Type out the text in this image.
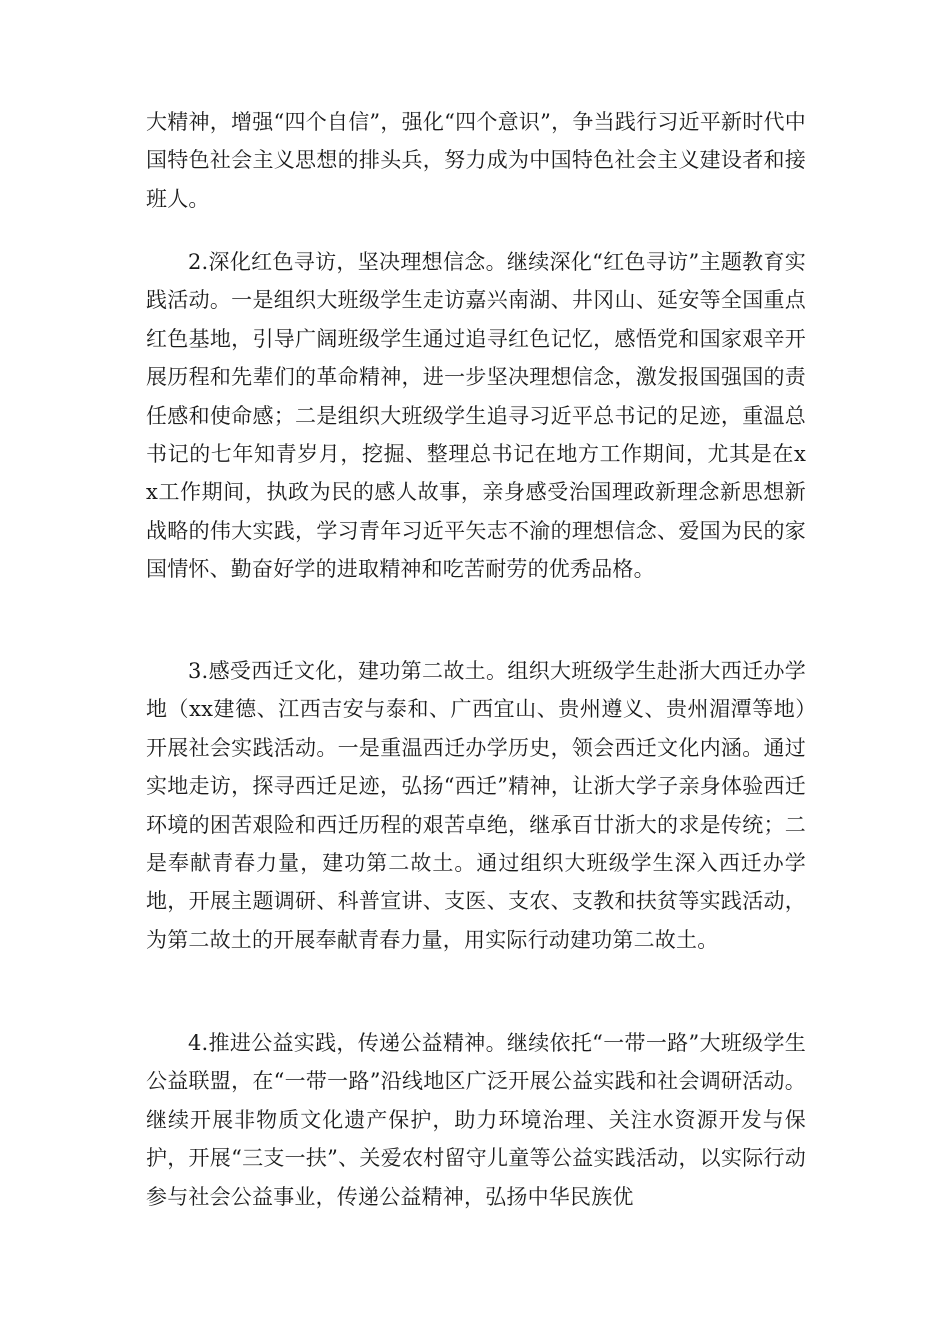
大精神，增强“四个自信”，强化“四个意识”，争当践行习近平新时代中国特色社会主义思想的排头兵，努力成为中国特色社会主义建设者和接班人。

2.深化红色寻访，坚决理想信念。继续深化“红色寻访”主题教育实践活动。一是组织大班级学生走访嘉兴南湖、井冈山、延安等全国重点红色基地，引导广阔班级学生通过追寻红色记忆，感悟党和国家艰辛开展历程和先辈们的革命精神，进一步坚决理想信念，激发报国强国的责任感和使命感；二是组织大班级学生追寻习近平总书记的足迹，重温总书记的七年知青岁月，挖掘、整理总书记在地方工作期间，尤其是在xx工作期间，执政为民的感人故事，亲身感受治国理政新理念新思想新战略的伟大实践，学习青年习近平矢志不渝的理想信念、爱国为民的家国情怀、勤奋好学的进取精神和吃苦耐劳的优秀品格。

3.感受西迁文化，建功第二故土。组织大班级学生赴浙大西迁办学地（xx建德、江西吉安与泰和、广西宜山、贵州遵义、贵州湄潭等地）开展社会实践活动。一是重温西迁办学历史，领会西迁文化内涵。通过实地走访，探寻西迁足迹，弘扬“西迁”精神，让浙大学子亲身体验西迁环境的困苦艰险和西迁历程的艰苦卓绝，继承百廿浙大的求是传统；二是奉献青春力量，建功第二故土。通过组织大班级学生深入西迁办学地，开展主题调研、科普宣讲、支医、支农、支教和扶贫等实践活动，为第二故土的开展奉献青春力量，用实际行动建功第二故土。

4.推进公益实践，传递公益精神。继续依托“一带一路”大班级学生公益联盟，在“一带一路”沿线地区广泛开展公益实践和社会调研活动。继续开展非物质文化遗产保护，助力环境治理、关注水资源开发与保护，开展“三支一扶”、关爱农村留守儿童等公益实践活动，以实际行动参与社会公益事业，传递公益精神，弘扬中华民族优
